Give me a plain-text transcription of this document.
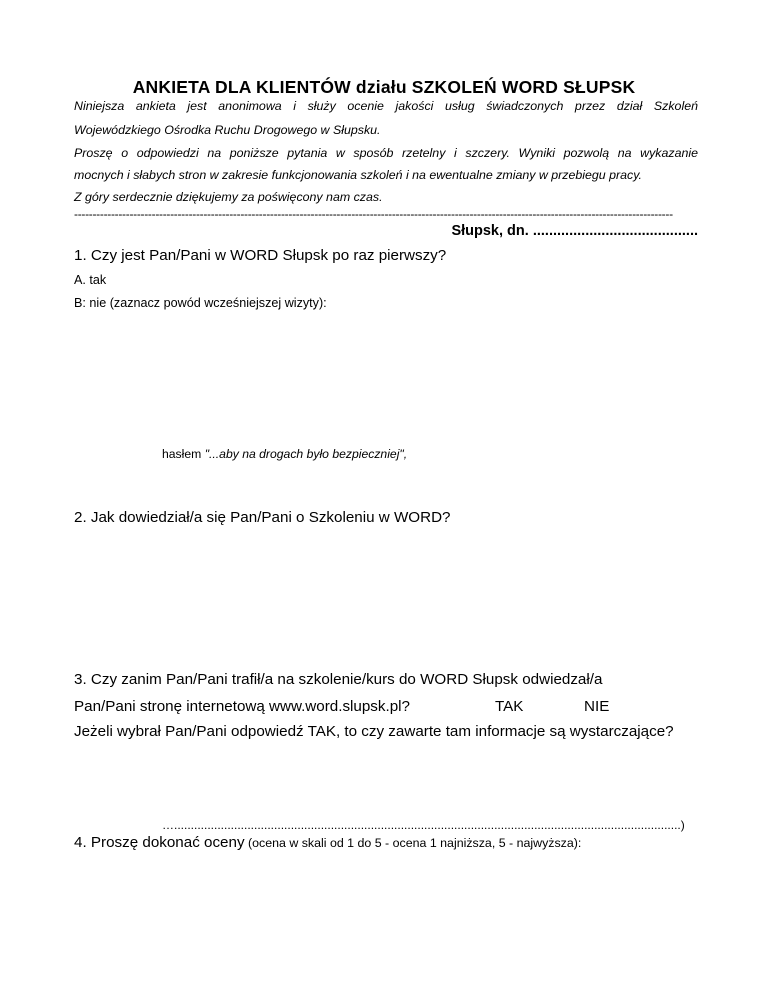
ANKIETA DLA KLIENTÓW działu SZKOLEŃ WORD SŁUPSK
Niniejsza ankieta jest anonimowa i służy ocenie jakości usług świadczonych przez dział Szkoleń
Wojewódzkiego Ośrodka Ruchu Drogowego w Słupsku.
Proszę o odpowiedzi na poniższe pytania w sposób rzetelny i szczery. Wyniki pozwolą na wykazanie
mocnych i słabych stron w zakresie funkcjonowania szkoleń i na ewentualne zmiany w przebiegu pracy.
Z góry serdecznie dziękujemy za poświęcony nam czas.
------------------------------------------------------------------------------------------------------------------------------------------------------------------
Słupsk, dn. .........................................
1. Czy jest Pan/Pani w WORD Słupsk po raz pierwszy?
A. tak
B: nie (zaznacz powód wcześniejszej wizyty):
hasłem "...aby na drogach było bezpieczniej",
2. Jak dowiedział/a się Pan/Pani o Szkoleniu w WORD?
3. Czy zanim Pan/Pani trafił/a na szkolenie/kurs do WORD Słupsk odwiedzał/a
Pan/Pani stronę internetową www.word.slupsk.pl?	TAK	NIE
Jeżeli wybrał Pan/Pani odpowiedź TAK, to czy zawarte tam informacje są wystarczające?
…........................................................................................................................................................)
4. Proszę dokonać oceny (ocena w skali od 1 do 5 - ocena 1 najniższa, 5 - najwyższa):
